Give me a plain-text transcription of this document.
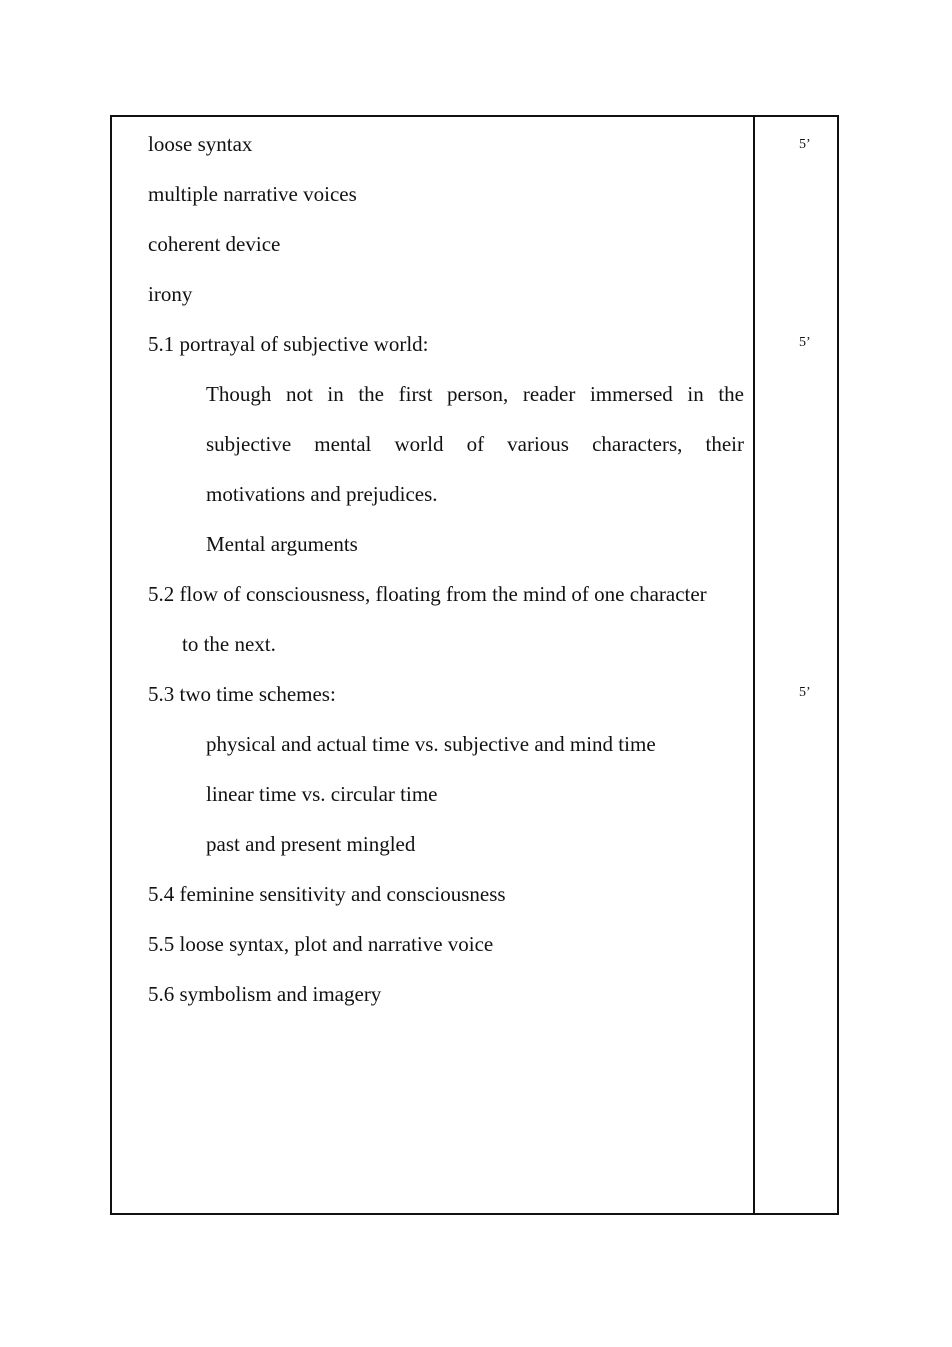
loose syntax
multiple narrative voices
coherent device
irony
5.1 portrayal of subjective world:
Though not in the first person, reader immersed in the
subjective mental world of various characters, their
motivations and prejudices.
Mental arguments
5.2 flow of consciousness, floating from the mind of one character
to the next.
5.3 two time schemes:
physical and actual time vs. subjective and mind time
linear time vs. circular time
past and present mingled
5.4 feminine sensitivity and consciousness
5.5 loose syntax, plot and narrative voice
5.6 symbolism and imagery
5’
5’
5’
